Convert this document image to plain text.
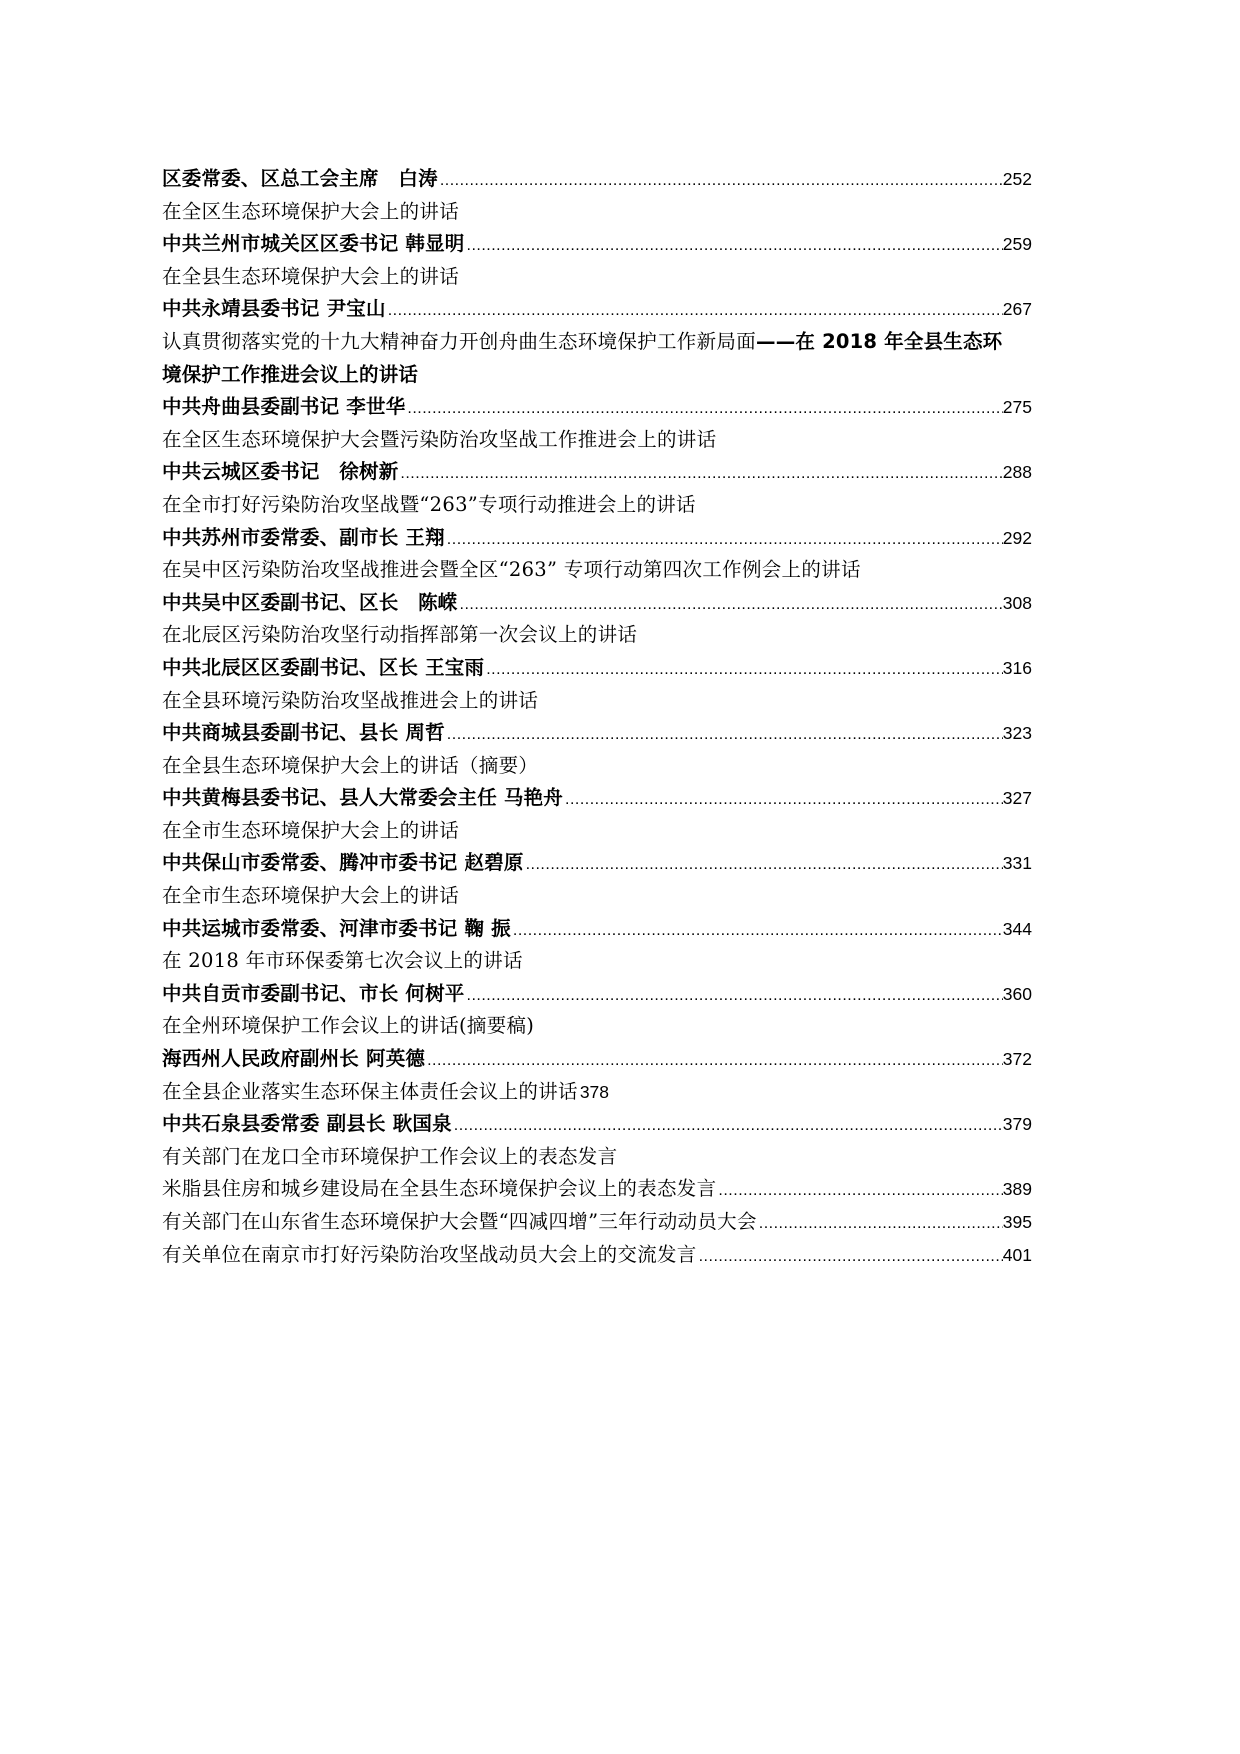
区委常委、区总工会主席　白涛 .....	252
在全区生态环境保护大会上的讲话
中共兰州市城关区区委书记 韩显明 .....	259
在全县生态环境保护大会上的讲话
中共永靖县委书记 尹宝山 .....	267
认真贯彻落实党的十九大精神奋力开创舟曲生态环境保护工作新局面 ——在 2018 年全县生态环
境保护工作推进会议上的讲话
中共舟曲县委副书记 李世华 .....	275
在全区生态环境保护大会暨污染防治攻坚战工作推进会上的讲话
中共云城区委书记　徐树新 .....	288
在全市打好污染防治攻坚战暨“263”专项行动推进会上的讲话
中共苏州市委常委、副市长 王翔 .....	292
在吴中区污染防治攻坚战推进会暨全区“263” 专项行动第四次工作例会上的讲话
中共吴中区委副书记、区长　陈嵘 .....	308
在北辰区污染防治攻坚行动指挥部第一次会议上的讲话
中共北辰区区委副书记、区长 王宝雨 .....	316
在全县环境污染防治攻坚战推进会上的讲话
中共商城县委副书记、县长 周哲 .....	323
在全县生态环境保护大会上的讲话（摘要）
中共黄梅县委书记、县人大常委会主任 马艳舟 .....	327
在全市生态环境保护大会上的讲话
中共保山市委常委、腾冲市委书记 赵碧原 .....	331
在全市生态环境保护大会上的讲话
中共运城市委常委、河津市委书记 鞠 振 .....	344
在 2018 年市环保委第七次会议上的讲话
中共自贡市委副书记、市长 何树平 .....	360
在全州环境保护工作会议上的讲话(摘要稿)
海西州人民政府副州长 阿英德 .....	372
在全县企业落实生态环保主体责任会议上的讲话 378
中共石泉县委常委 副县长 耿国泉 .....	379
有关部门在龙口全市环境保护工作会议上的表态发言
米脂县住房和城乡建设局在全县生态环境保护会议上的表态发言 .....	389
有关部门在山东省生态环境保护大会暨“四减四增”三年行动动员大会 .....	395
有关单位在南京市打好污染防治攻坚战动员大会上的交流发言 .....	401
